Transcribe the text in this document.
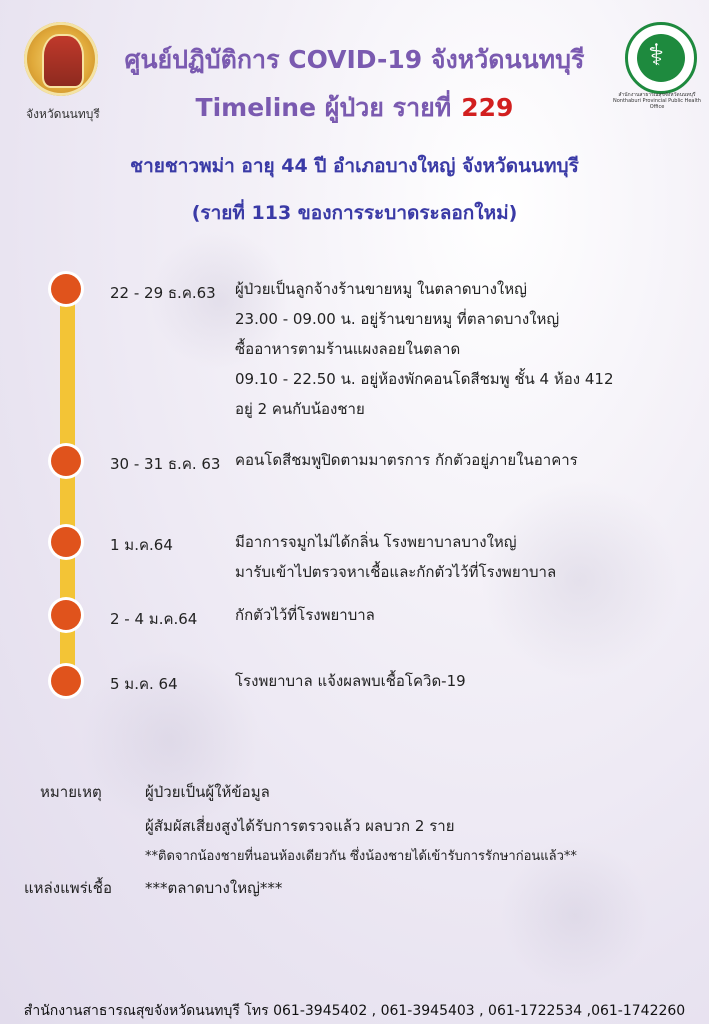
จังหวัดนนทบุรี
⚕
สำนักงานสาธารณสุขจังหวัดนนทบุรี Nonthaburi Provincial Public Health Office
ศูนย์ปฏิบัติการ COVID-19 จังหวัดนนทบุรี
Timeline ผู้ป่วย รายที่ 229
ชายชาวพม่า อายุ 44 ปี อำเภอบางใหญ่ จังหวัดนนทบุรี
(รายที่ 113 ของการระบาดระลอกใหม่)
22 - 29 ธ.ค.63 ผู้ป่วยเป็นลูกจ้างร้านขายหมู ในตลาดบางใหญ่
23.00 - 09.00 น. อยู่ร้านขายหมู ที่ตลาดบางใหญ่
ซื้ออาหารตามร้านแผงลอยในตลาด
09.10 - 22.50 น. อยู่ห้องพักคอนโดสีชมพู ชั้น 4 ห้อง 412
อยู่ 2 คนกับน้องชาย
30 - 31 ธ.ค. 63 คอนโดสีชมพูปิดตามมาตรการ กักตัวอยู่ภายในอาคาร
1 ม.ค.64	มีอาการจมูกไม่ได้กลิ่น โรงพยาบาลบางใหญ่
มารับเข้าไปตรวจหาเชื้อและกักตัวไว้ที่โรงพยาบาล
2 - 4 ม.ค.64	กักตัวไว้ที่โรงพยาบาล
5 ม.ค. 64	โรงพยาบาล แจ้งผลพบเชื้อโควิด-19
หมายเหตุ	ผู้ป่วยเป็นผู้ให้ข้อมูล
ผู้สัมผัสเสี่ยงสูงได้รับการตรวจแล้ว ผลบวก 2 ราย
**ติดจากน้องชายที่นอนห้องเดียวกัน ซึ่งน้องชายได้เข้ารับการรักษาก่อนแล้ว**
แหล่งแพร่เชื้อ ***ตลาดบางใหญ่***
สำนักงานสาธารณสุขจังหวัดนนทบุรี โทร 061-3945402 , 061-3945403 , 061-1722534 ,061-1742260
